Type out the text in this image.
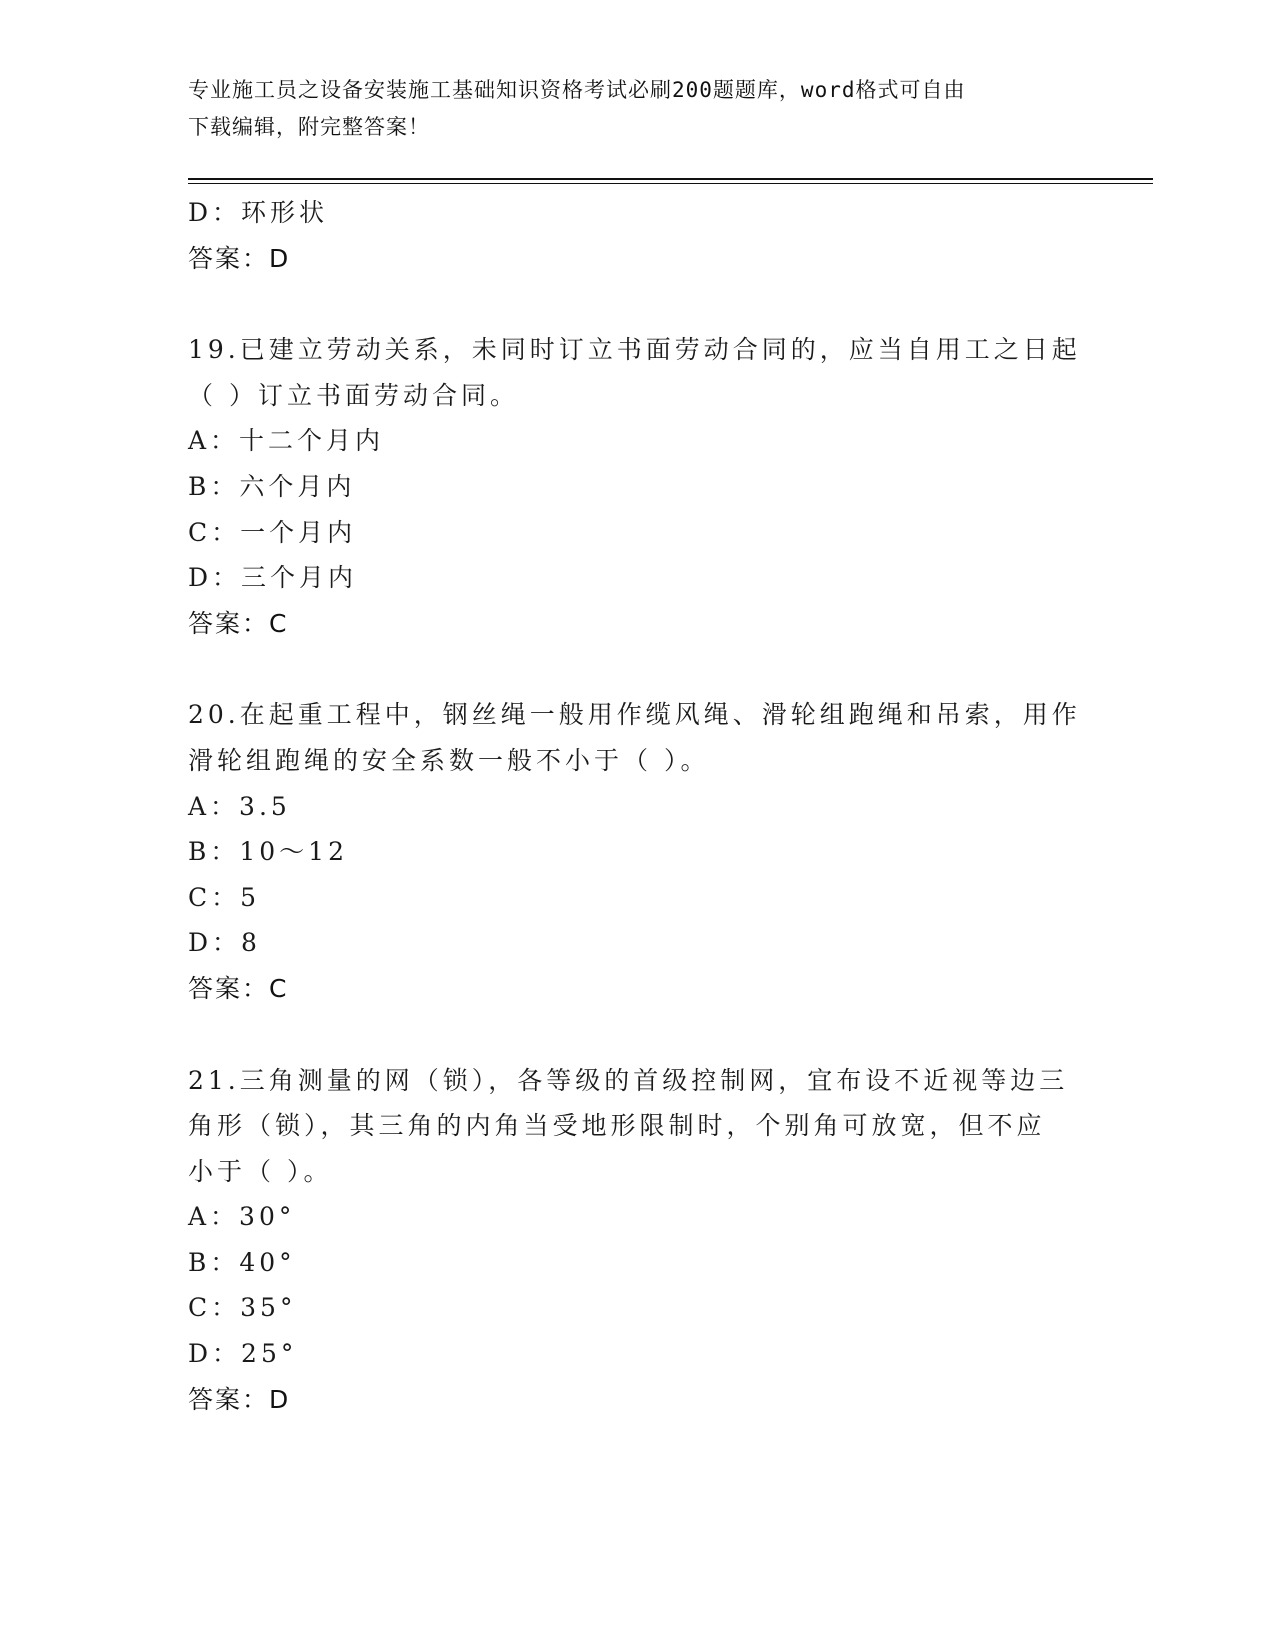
专业施工员之设备安装施工基础知识资格考试必刷200题题库，word格式可自由
下载编辑，附完整答案！
D：环形状
答案：D
19.已建立劳动关系，未同时订立书面劳动合同的，应当自用工之日起
（ ）订立书面劳动合同。
A：十二个月内
B：六个月内
C：一个月内
D：三个月内
答案：C
20.在起重工程中，钢丝绳一般用作缆风绳、滑轮组跑绳和吊索，用作
滑轮组跑绳的安全系数一般不小于（ ）。
A：3.5
B：10～12
C：5
D：8
答案：C
21.三角测量的网（锁），各等级的首级控制网，宜布设不近视等边三
角形（锁），其三角的内角当受地形限制时，个别角可放宽，但不应
小于（ ）。
A：30°
B：40°
C：35°
D：25°
答案：D
